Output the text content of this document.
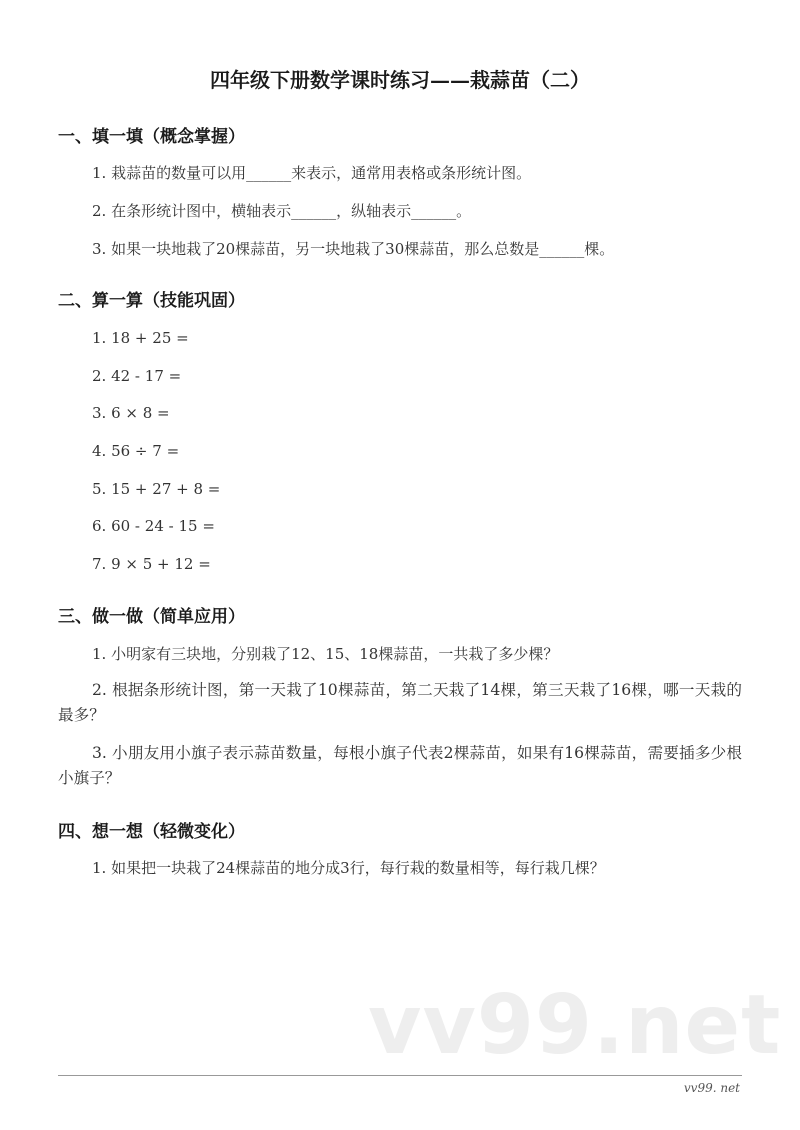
四年级下册数学课时练习——栽蒜苗（二）
一、填一填（概念掌握）
1. 栽蒜苗的数量可以用______来表示，通常用表格或条形统计图。
2. 在条形统计图中，横轴表示______，纵轴表示______。
3. 如果一块地栽了20棵蒜苗，另一块地栽了30棵蒜苗，那么总数是______棵。
二、算一算（技能巩固）
1. 18 + 25 =
2. 42 - 17 =
3. 6 × 8 =
4. 56 ÷ 7 =
5. 15 + 27 + 8 =
6. 60 - 24 - 15 =
7. 9 × 5 + 12 =
三、做一做（简单应用）
1. 小明家有三块地，分别栽了12、15、18棵蒜苗，一共栽了多少棵？
2. 根据条形统计图，第一天栽了10棵蒜苗，第二天栽了14棵，第三天栽了16棵，哪一天栽的最多？
3. 小朋友用小旗子表示蒜苗数量，每根小旗子代表2棵蒜苗，如果有16棵蒜苗，需要插多少根小旗子？
四、想一想（轻微变化）
1. 如果把一块栽了24棵蒜苗的地分成3行，每行栽的数量相等，每行栽几棵？
vv99.net
vv99. net
